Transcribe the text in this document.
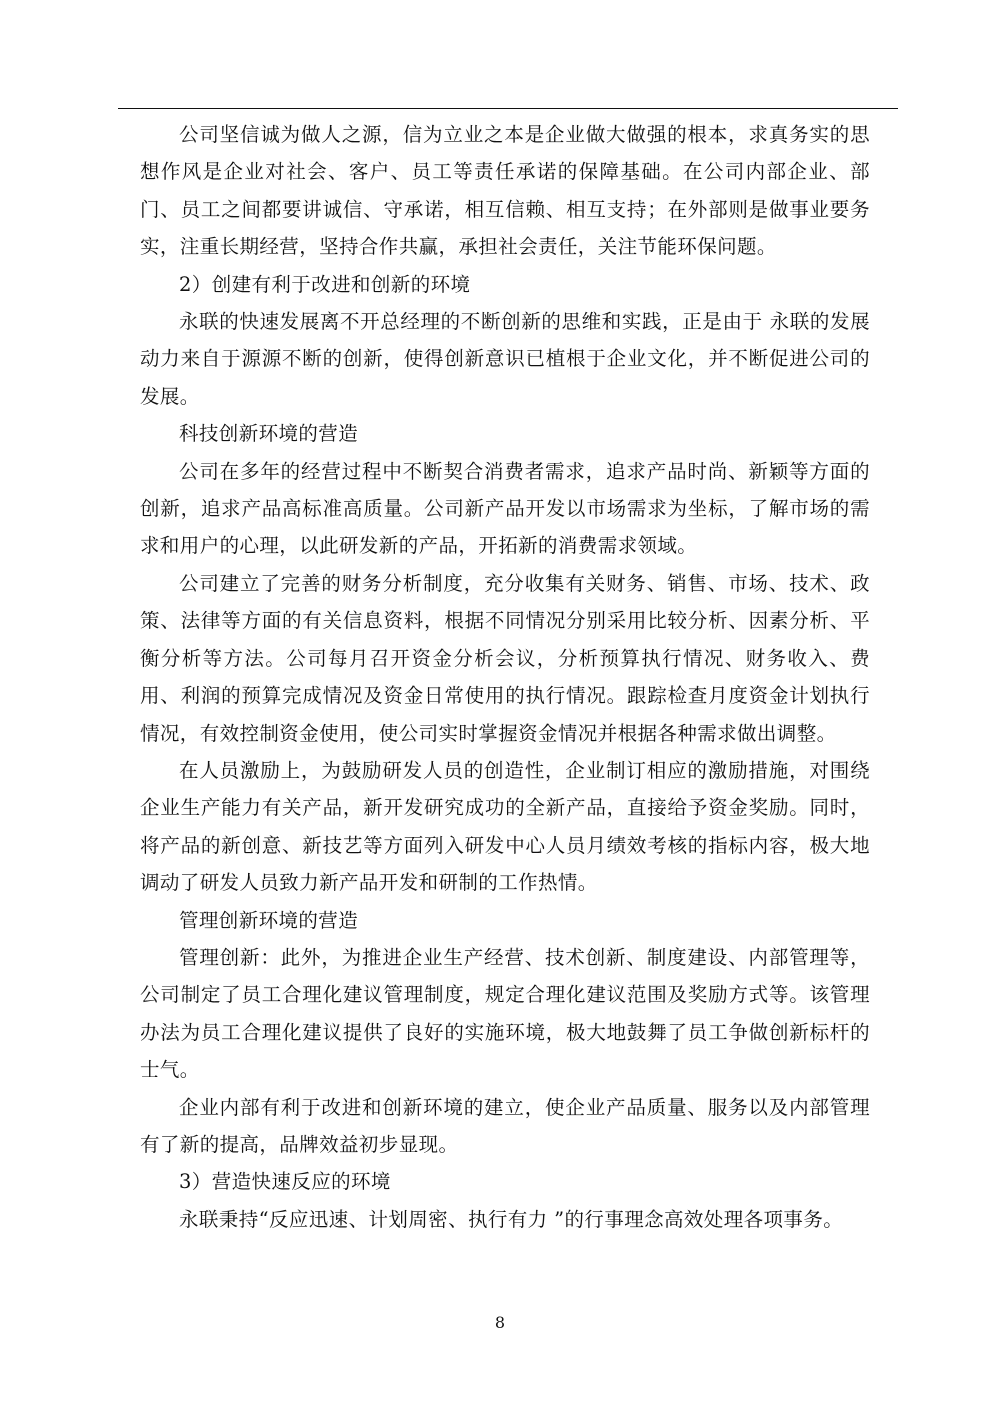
公司坚信诚为做人之源，信为立业之本是企业做大做强的根本，求真务实的思想作风是企业对社会、客户、员工等责任承诺的保障基础。在公司内部企业、部门、员工之间都要讲诚信、守承诺，相互信赖、相互支持；在外部则是做事业要务实，注重长期经营，坚持合作共赢，承担社会责任，关注节能环保问题。

2）创建有利于改进和创新的环境

永联的快速发展离不开总经理的不断创新的思维和实践，正是由于 永联的发展动力来自于源源不断的创新，使得创新意识已植根于企业文化，并不断促进公司的发展。

科技创新环境的营造

公司在多年的经营过程中不断契合消费者需求，追求产品时尚、新颖等方面的创新，追求产品高标准高质量。公司新产品开发以市场需求为坐标，了解市场的需求和用户的心理，以此研发新的产品，开拓新的消费需求领域。

公司建立了完善的财务分析制度，充分收集有关财务、销售、市场、技术、政策、法律等方面的有关信息资料，根据不同情况分别采用比较分析、因素分析、平衡分析等方法。公司每月召开资金分析会议，分析预算执行情况、财务收入、费用、利润的预算完成情况及资金日常使用的执行情况。跟踪检查月度资金计划执行情况，有效控制资金使用，使公司实时掌握资金情况并根据各种需求做出调整。

在人员激励上，为鼓励研发人员的创造性，企业制订相应的激励措施，对围绕企业生产能力有关产品，新开发研究成功的全新产品，直接给予资金奖励。同时，将产品的新创意、新技艺等方面列入研发中心人员月绩效考核的指标内容，极大地调动了研发人员致力新产品开发和研制的工作热情。

管理创新环境的营造

管理创新：此外，为推进企业生产经营、技术创新、制度建设、内部管理等，公司制定了员工合理化建议管理制度，规定合理化建议范围及奖励方式等。该管理办法为员工合理化建议提供了良好的实施环境，极大地鼓舞了员工争做创新标杆的士气。

企业内部有利于改进和创新环境的建立，使企业产品质量、服务以及内部管理有了新的提高，品牌效益初步显现。

3）营造快速反应的环境

永联秉持“反应迅速、计划周密、执行有力 ”的行事理念高效处理各项事务。

8
